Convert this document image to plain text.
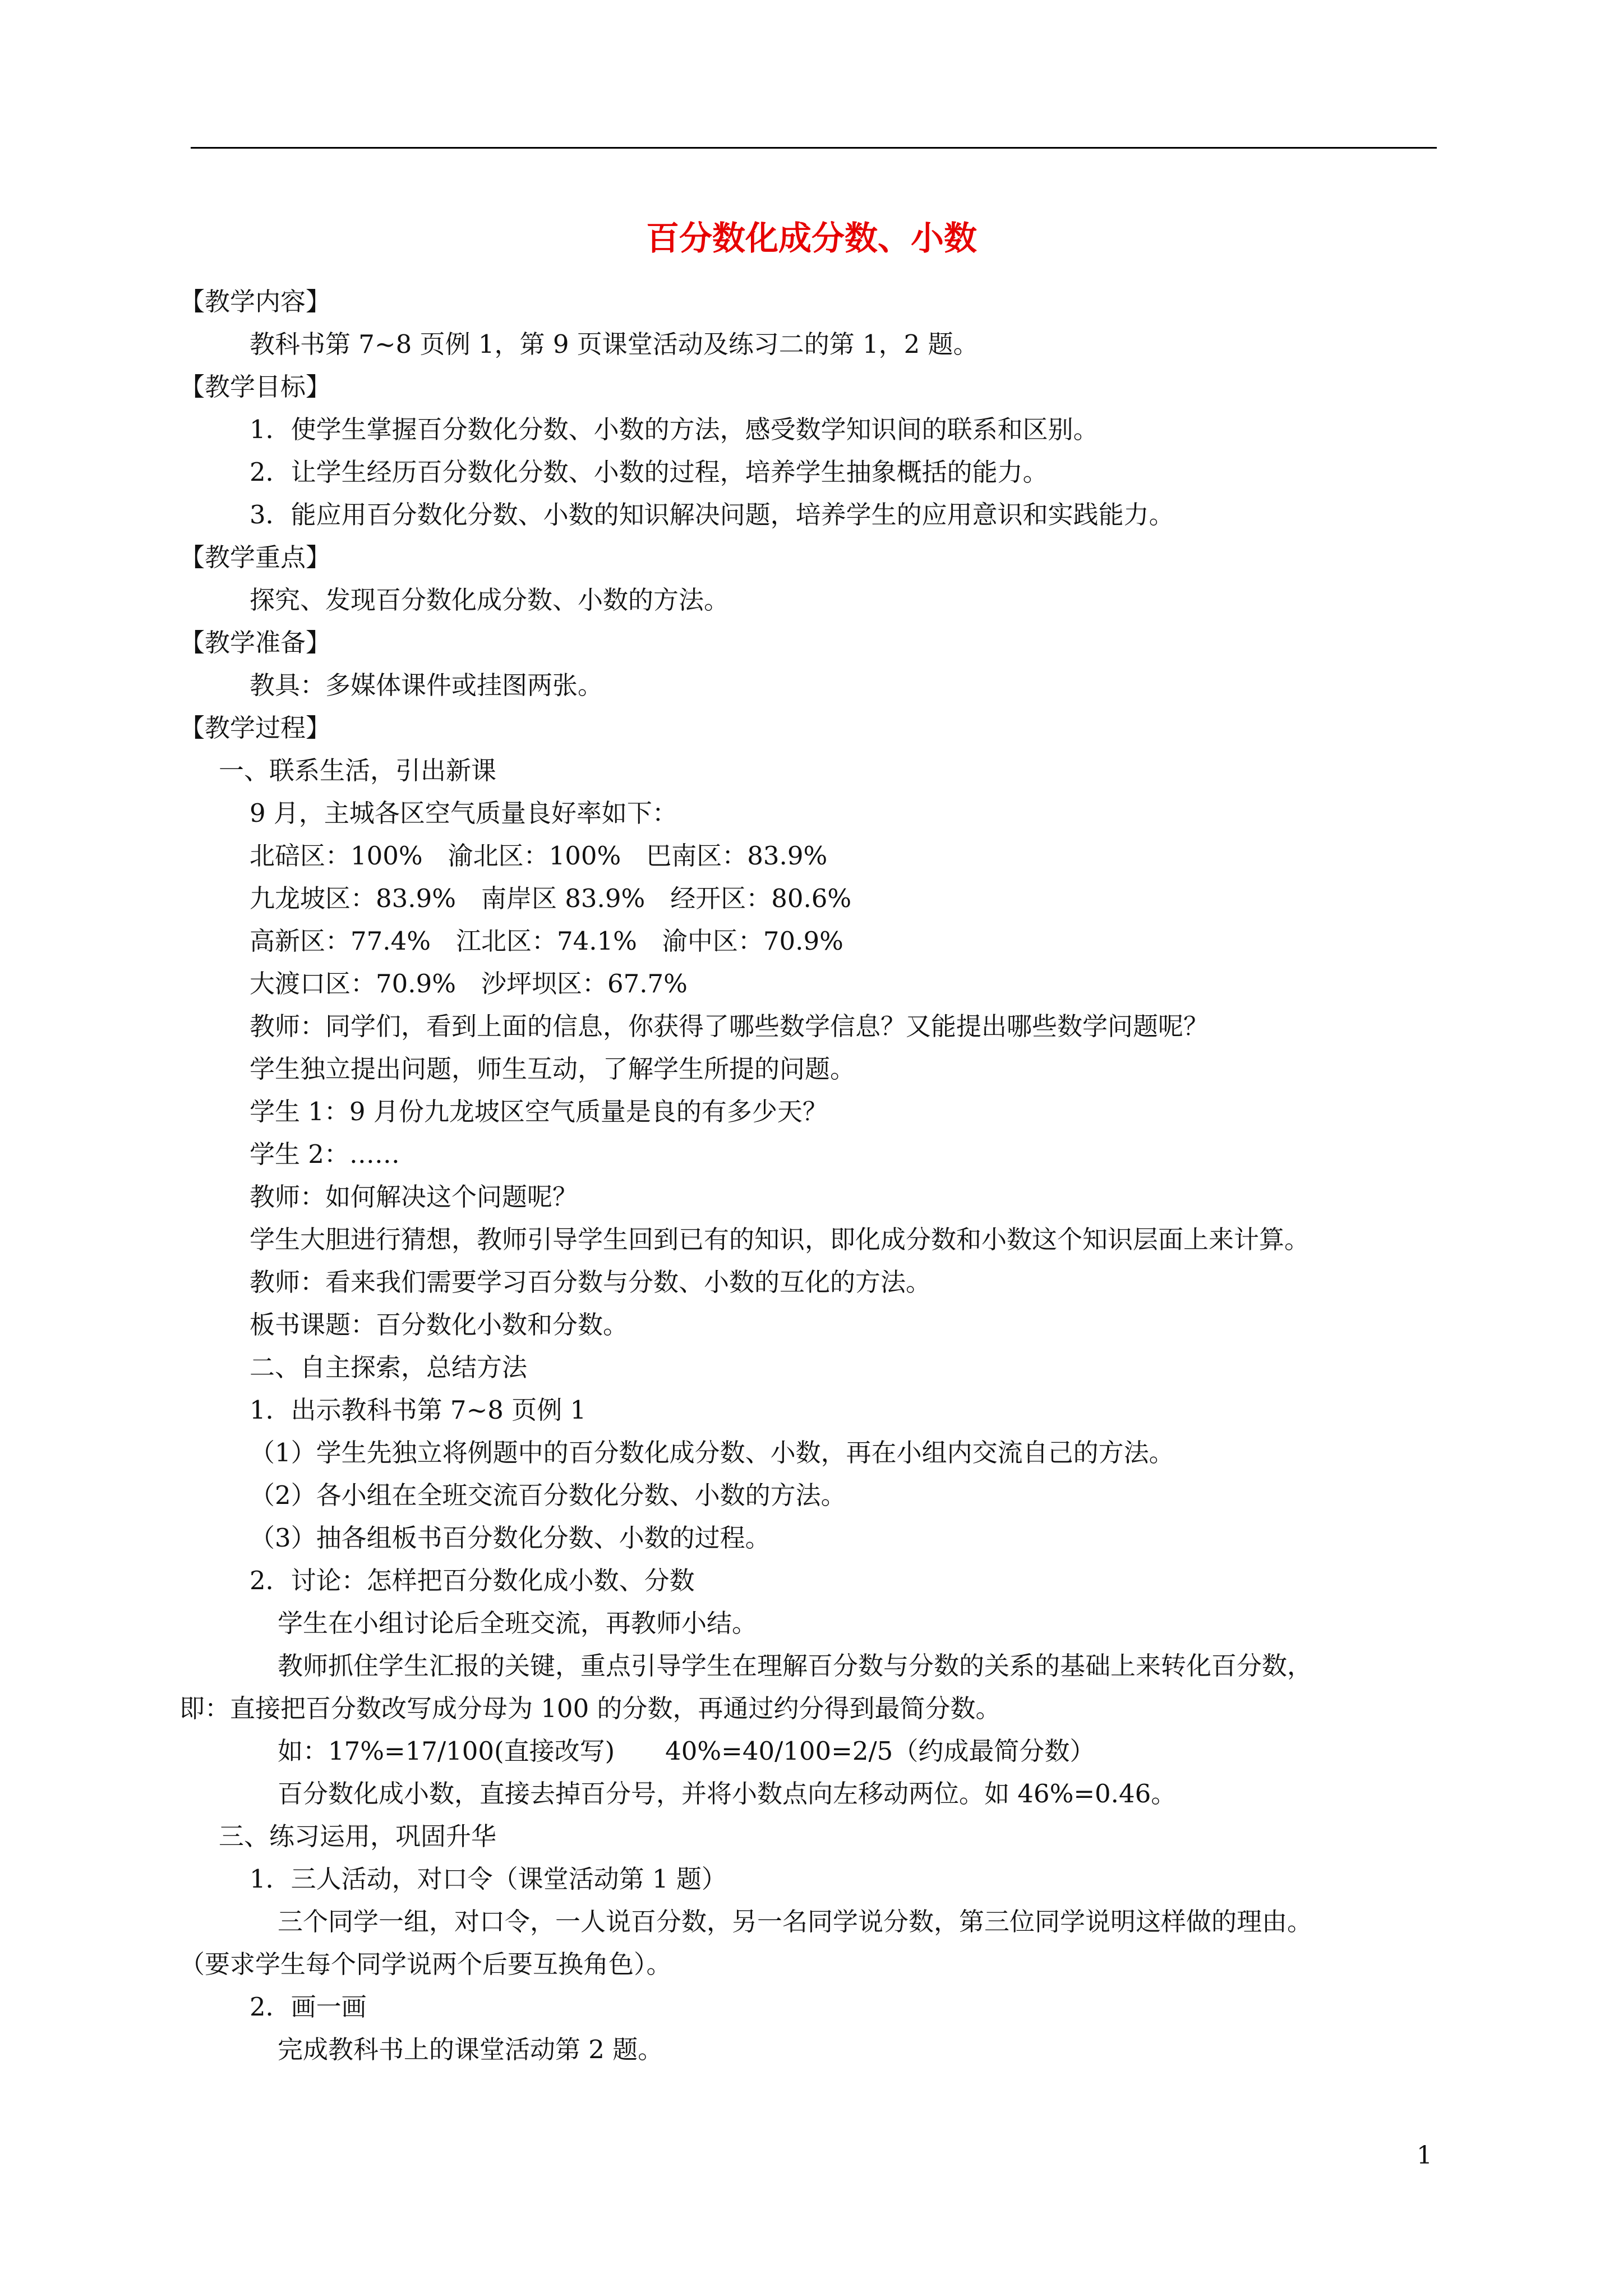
百分数化成分数、小数
【教学内容】
教科书第 7~8 页例 1，第 9 页课堂活动及练习二的第 1，2 题。
【教学目标】
1．使学生掌握百分数化分数、小数的方法，感受数学知识间的联系和区别。
2．让学生经历百分数化分数、小数的过程，培养学生抽象概括的能力。
3．能应用百分数化分数、小数的知识解决问题，培养学生的应用意识和实践能力。
【教学重点】
探究、发现百分数化成分数、小数的方法。
【教学准备】
教具：多媒体课件或挂图两张。
【教学过程】
一、联系生活，引出新课
9 月，主城各区空气质量良好率如下：
北碚区：100%　渝北区：100%　巴南区：83.9%
九龙坡区：83.9%　南岸区 83.9%　经开区：80.6%
高新区：77.4%　江北区：74.1%　渝中区：70.9%
大渡口区：70.9%　沙坪坝区：67.7%
教师：同学们，看到上面的信息，你获得了哪些数学信息？又能提出哪些数学问题呢？
学生独立提出问题，师生互动，了解学生所提的问题。
学生 1：9 月份九龙坡区空气质量是良的有多少天？
学生 2：……
教师：如何解决这个问题呢？
学生大胆进行猜想，教师引导学生回到已有的知识，即化成分数和小数这个知识层面上来计算。
教师：看来我们需要学习百分数与分数、小数的互化的方法。
板书课题：百分数化小数和分数。
二、自主探索，总结方法
1．出示教科书第 7~8 页例 1
（1）学生先独立将例题中的百分数化成分数、小数，再在小组内交流自己的方法。
（2）各小组在全班交流百分数化分数、小数的方法。
（3）抽各组板书百分数化分数、小数的过程。
2．讨论：怎样把百分数化成小数、分数
学生在小组讨论后全班交流，再教师小结。
教师抓住学生汇报的关键，重点引导学生在理解百分数与分数的关系的基础上来转化百分数，
即：直接把百分数改写成分母为 100 的分数，再通过约分得到最简分数。
如：17%=17/100(直接改写)　　40%=40/100=2/5（约成最简分数）
百分数化成小数，直接去掉百分号，并将小数点向左移动两位。如 46%=0.46。
三、练习运用，巩固升华
1．三人活动，对口令（课堂活动第 1 题）
三个同学一组，对口令，一人说百分数，另一名同学说分数，第三位同学说明这样做的理由。
（要求学生每个同学说两个后要互换角色）。
2．画一画
完成教科书上的课堂活动第 2 题。
1
